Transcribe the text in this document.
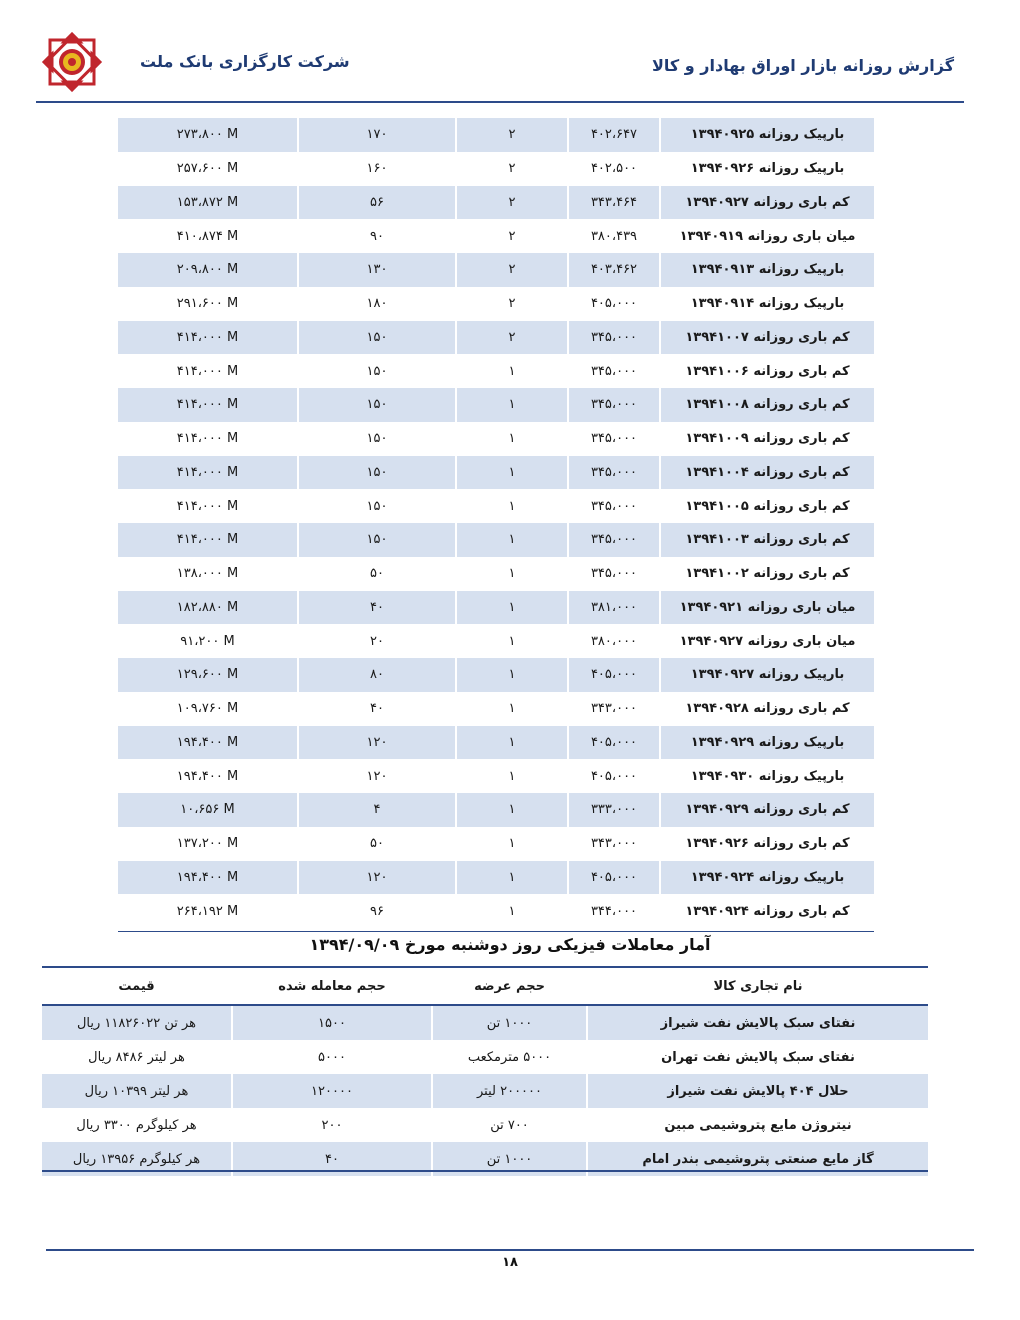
شرکت کارگزاری بانک ملت	گزارش روزانه بازار اوراق بهادار و کالا
۲۷۳،۸۰۰ M	۱۷۰	۲	۴۰۲،۶۴۷	بارپیک روزانه ۱۳۹۴۰۹۲۵
۲۵۷،۶۰۰ M	۱۶۰	۲	۴۰۲،۵۰۰	بارپیک روزانه ۱۳۹۴۰۹۲۶
۱۵۳،۸۷۲ M	۵۶	۲	۳۴۳،۴۶۴	کم باری روزانه ۱۳۹۴۰۹۲۷
۴۱۰،۸۷۴ M	۹۰	۲	۳۸۰،۴۳۹	میان باری روزانه ۱۳۹۴۰۹۱۹
۲۰۹،۸۰۰ M	۱۳۰	۲	۴۰۳،۴۶۲	بارپیک روزانه ۱۳۹۴۰۹۱۳
۲۹۱،۶۰۰ M	۱۸۰	۲	۴۰۵،۰۰۰	بارپیک روزانه ۱۳۹۴۰۹۱۴
۴۱۴،۰۰۰ M	۱۵۰	۲	۳۴۵،۰۰۰	کم باری روزانه ۱۳۹۴۱۰۰۷
۴۱۴،۰۰۰ M	۱۵۰	۱	۳۴۵،۰۰۰	کم باری روزانه ۱۳۹۴۱۰۰۶
۴۱۴،۰۰۰ M	۱۵۰	۱	۳۴۵،۰۰۰	کم باری روزانه ۱۳۹۴۱۰۰۸
۴۱۴،۰۰۰ M	۱۵۰	۱	۳۴۵،۰۰۰	کم باری روزانه ۱۳۹۴۱۰۰۹
۴۱۴،۰۰۰ M	۱۵۰	۱	۳۴۵،۰۰۰	کم باری روزانه ۱۳۹۴۱۰۰۴
۴۱۴،۰۰۰ M	۱۵۰	۱	۳۴۵،۰۰۰	کم باری روزانه ۱۳۹۴۱۰۰۵
۴۱۴،۰۰۰ M	۱۵۰	۱	۳۴۵،۰۰۰	کم باری روزانه ۱۳۹۴۱۰۰۳
۱۳۸،۰۰۰ M	۵۰	۱	۳۴۵،۰۰۰	کم باری روزانه ۱۳۹۴۱۰۰۲
۱۸۲،۸۸۰ M	۴۰	۱	۳۸۱،۰۰۰	میان باری روزانه ۱۳۹۴۰۹۲۱
۹۱،۲۰۰ M	۲۰	۱	۳۸۰،۰۰۰	میان باری روزانه ۱۳۹۴۰۹۲۷
۱۲۹،۶۰۰ M	۸۰	۱	۴۰۵،۰۰۰	بارپیک روزانه ۱۳۹۴۰۹۲۷
۱۰۹،۷۶۰ M	۴۰	۱	۳۴۳،۰۰۰	کم باری روزانه ۱۳۹۴۰۹۲۸
۱۹۴،۴۰۰ M	۱۲۰	۱	۴۰۵،۰۰۰	بارپیک روزانه ۱۳۹۴۰۹۲۹
۱۹۴،۴۰۰ M	۱۲۰	۱	۴۰۵،۰۰۰	بارپیک روزانه ۱۳۹۴۰۹۳۰
۱۰،۶۵۶ M	۴	۱	۳۳۳،۰۰۰	کم باری روزانه ۱۳۹۴۰۹۲۹
۱۳۷،۲۰۰ M	۵۰	۱	۳۴۳،۰۰۰	کم باری روزانه ۱۳۹۴۰۹۲۶
۱۹۴،۴۰۰ M	۱۲۰	۱	۴۰۵،۰۰۰	بارپیک روزانه ۱۳۹۴۰۹۲۴
۲۶۴،۱۹۲ M	۹۶	۱	۳۴۴،۰۰۰	کم باری روزانه ۱۳۹۴۰۹۲۴
آمار معاملات فیزیکی روز دوشنبه مورخ ۱۳۹۴/۰۹/۰۹
قیمت	حجم معامله شده	حجم عرضه	نام تجاری کالا
هر تن ۱۱۸۲۶۰۲۲ ریال	۱۵۰۰	۱۰۰۰ تن	نفتای سبک پالایش نفت شیراز
هر لیتر ۸۴۸۶ ریال	۵۰۰۰	۵۰۰۰ مترمکعب	نفتای سبک پالایش نفت تهران
هر لیتر ۱۰۳۹۹ ریال	۱۲۰۰۰۰	۲۰۰۰۰۰ لیتر	حلال ۴۰۴ پالایش نفت شیراز
هر کیلوگرم ۳۳۰۰ ریال	۲۰۰	۷۰۰ تن	نیتروژن مایع پتروشیمی مبین
هر کیلوگرم ۱۳۹۵۶ ریال	۴۰	۱۰۰۰ تن	گاز مایع صنعتی پتروشیمی بندر امام
۱۸
